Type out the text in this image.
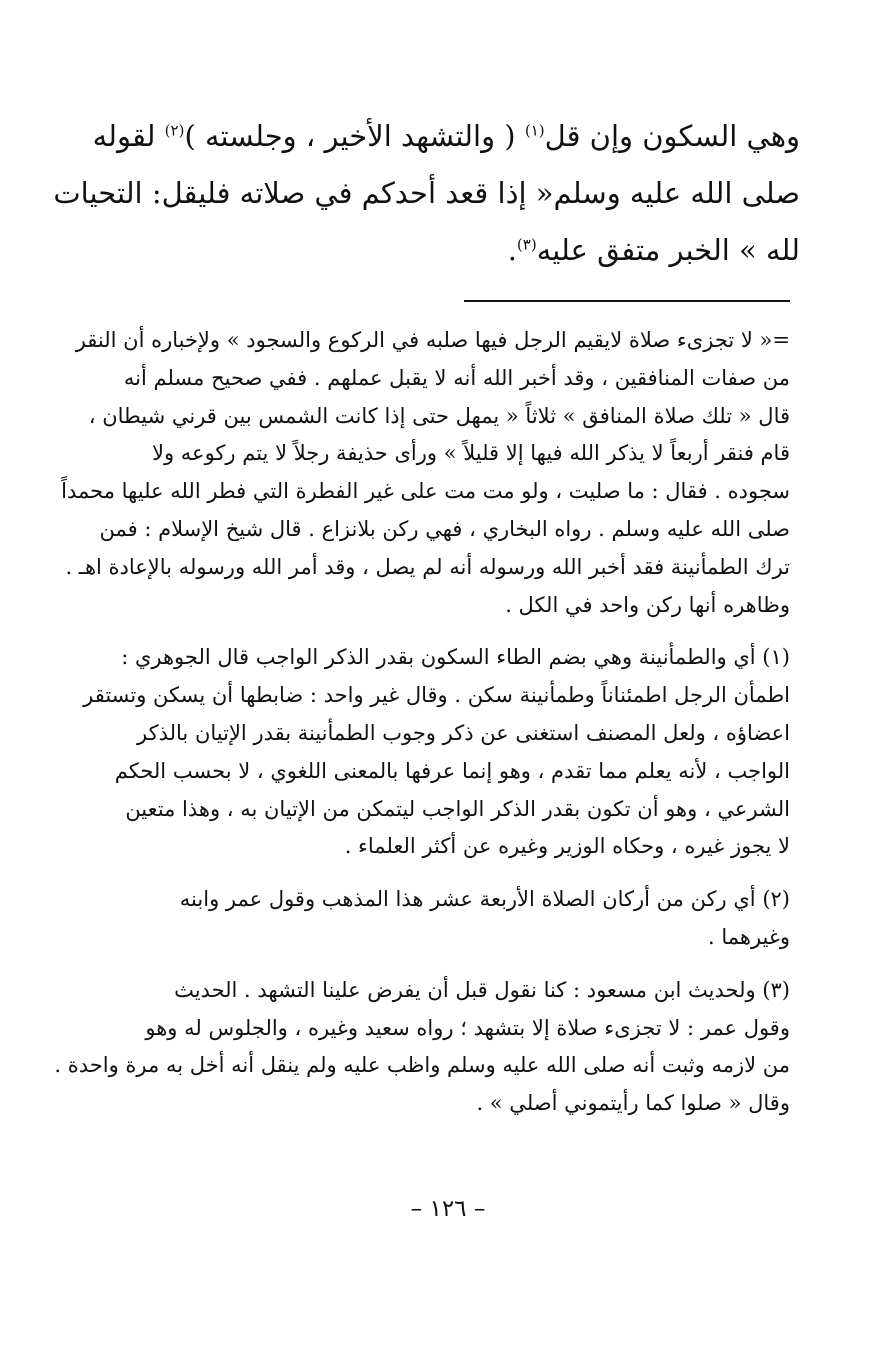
وهي السكون وإن قل$^{(١)}$ ( والتشهد الأخير ، وجلسته )$^{(٢)}$ لقوله
صلى الله عليه وسلم« إذا قعد أحدكم في صلاته فليقل: التحيات
لله » الخبر متفق عليه$^{(٣)}$.
=« لا تجزىء صلاة لايقيم الرجل فيها صلبه في الركوع والسجود » ولإخباره أن النقر
من صفات المنافقين ، وقد أخبر الله أنه لا يقبل عملهم . ففي صحيح مسلم أنه
قال « تلك صلاة المنافق » ثلاثاً « يمهل حتى إذا كانت الشمس بين قرني شيطان ،
قام فنقر أربعاً لا يذكر الله فيها إلا قليلاً » ورأى حذيفة رجلاً لا يتم ركوعه ولا
سجوده . فقال : ما صليت ، ولو مت مت على غير الفطرة التي فطر الله عليها محمداً
صلى الله عليه وسلم . رواه البخاري ، فهي ركن بلانزاع . قال شيخ الإسلام : فمن
ترك الطمأنينة فقد أخبر الله ورسوله أنه لم يصل ، وقد أمر الله ورسوله بالإعادة اهـ .
وظاهره أنها ركن واحد في الكل .
(١) أي والطمأنينة وهي بضم الطاء السكون بقدر الذكر الواجب قال الجوهري :
اطمأن الرجل اطمئناناً وطمأنينة سكن . وقال غير واحد : ضابطها أن يسكن وتستقر
اعضاؤه ، ولعل المصنف استغنى عن ذكر وجوب الطمأنينة بقدر الإتيان بالذكر
الواجب ، لأنه يعلم مما تقدم ، وهو إنما عرفها بالمعنى اللغوي ، لا بحسب الحكم
الشرعي ، وهو أن تكون بقدر الذكر الواجب ليتمكن من الإتيان به ، وهذا متعين
لا يجوز غيره ، وحكاه الوزير وغيره عن أكثر العلماء .
(٢) أي ركن من أركان الصلاة الأربعة عشر هذا المذهب وقول عمر وابنه
وغيرهما .
(٣) ولحديث ابن مسعود : كنا نقول قبل أن يفرض علينا التشهد . الحديث
وقول عمر : لا تجزىء صلاة إلا بتشهد ؛ رواه سعيد وغيره ، والجلوس له وهو
من لازمه وثبت أنه صلى الله عليه وسلم واظب عليه ولم ينقل أنه أخل به مرة واحدة .
وقال « صلوا كما رأيتموني أصلي » .
– ١٢٦ –
